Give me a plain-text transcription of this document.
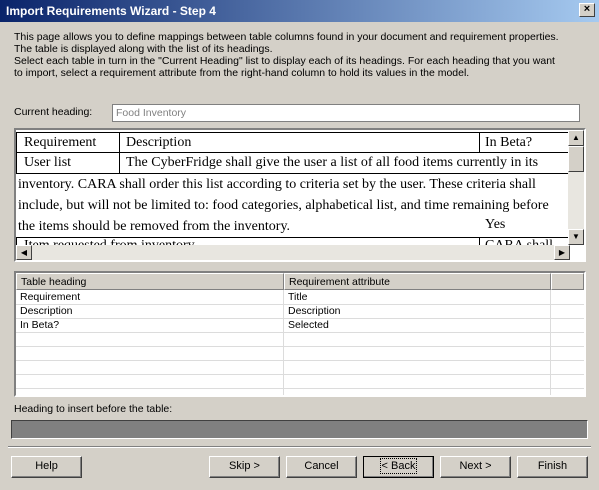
Import Requirements Wizard - Step 4	×

This page allows you to define mappings between table columns found in your document and requirement properties.

The table is displayed along with the list of its headings.

Select each table in turn in the "Current Heading" list to display each of its headings. For each heading that you want

to import, select a requirement attribute from the right-hand column to hold its values in the model.

Current heading:	Food Inventory
Requirement	Description	In Beta?
User list	The CyberFridge shall give the user a list of all food items currently in its
inventory. CARA shall order this list according to criteria set by the user. These criteria shall include, but will not be limited to: food categories, alphabetical list, and time remaining before the items should be removed from the inventory.	Yes
▲
▼
◀	▶
Table heading	Requirement attribute
Requirement	Title
Description	Description
In Beta?	Selected
Heading to insert before the table:
Help	Skip >	Cancel	< Back	Next >	Finish
